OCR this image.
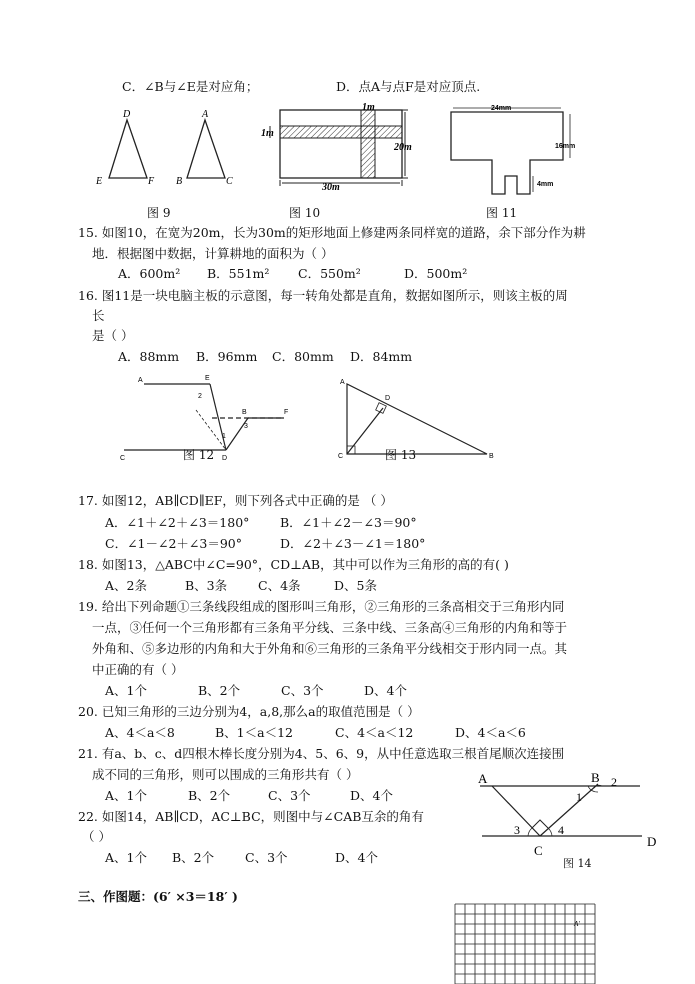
C．∠B与∠E是对应角；	D．点A与点F是对应顶点.
D
E	F
A
B	C
图 9
1m
1m
20m
30m
图 10
24mm
16mm
4mm
图 11
15. 如图10，在宽为20m，长为30m的矩形地面上修建两条同样宽的道路，余下部分作为耕
地．根据图中数据，计算耕地的面积为（ ）
A．600m² B．551m² C．550m²	D．500m²
16. 图11是一块电脑主板的示意图，每一转角处都是直角，数据如图所示，则该主板的周
长
是（ ）
A．88mm B．96mm C．80mm D．84mm
A	E
2
B	F
3
1
C	D
图 12
A
D
C	B
图 13
17. 如图12，AB∥CD∥EF，则下列各式中正确的是 （ ）
A．∠1＋∠2＋∠3＝180° B．∠1＋∠2－∠3＝90°
C．∠1－∠2＋∠3＝90°	D．∠2＋∠3－∠1＝180°
18. 如图13，△ABC中∠C=90°，CD⊥AB，其中可以作为三角形的高的有( )
A、2条	B、3条 C、4条	D、5条
19. 给出下列命题①三条线段组成的图形叫三角形，②三角形的三条高相交于三角形内同
一点，③任何一个三角形都有三条角平分线、三条中线、三条高④三角形的内角和等于
外角和、⑤多边形的内角和大于外角和⑥三角形的三条角平分线相交于形内同一点。其
中正确的有（ ）
A、1个	B、2个	C、3个	D、4个
20. 已知三角形的三边分别为4，a,8,那么a的取值范围是（ ）
A、4＜a＜8	B、1＜a＜12	C、4＜a＜12	D、4＜a＜6
21. 有a、b、c、d四根木棒长度分别为4、5、6、9，从中任意选取三根首尾顺次连接围
成不同的三角形，则可以围成的三角形共有（ ）
A、1个	B、2个	C、3个	D、4个
22. 如图14，AB∥CD，AC⊥BC，则图中与∠CAB互余的角有
（ ）
A、1个 B、2个 C、3个	D、4个
A	B 2
1
3	4
C
D
图 14
三、作图题：(6′ ×3＝18′ )
A'
